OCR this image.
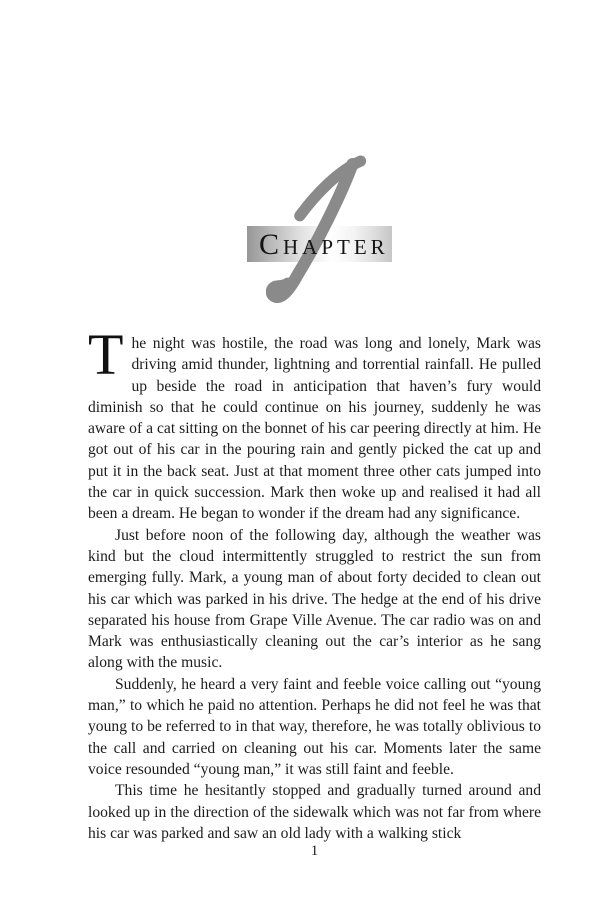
Chapter

The night was hostile, the road was long and lonely, Mark was driving amid thunder, lightning and torrential rainfall. He pulled up beside the road in anticipation that haven’s fury would diminish so that he could continue on his journey, suddenly he was aware of a cat sitting on the bonnet of his car peering directly at him. He got out of his car in the pouring rain and gently picked the cat up and put it in the back seat. Just at that moment three other cats jumped into the car in quick succession. Mark then woke up and realised it had all been a dream. He began to wonder if the dream had any significance.

Just before noon of the following day, although the weather was kind but the cloud intermittently struggled to restrict the sun from emerging fully. Mark, a young man of about forty decided to clean out his car which was parked in his drive. The hedge at the end of his drive separated his house from Grape Ville Avenue. The car radio was on and Mark was enthusiastically cleaning out the car’s interior as he sang along with the music.

Suddenly, he heard a very faint and feeble voice calling out “young man,” to which he paid no attention. Perhaps he did not feel he was that young to be referred to in that way, therefore, he was totally oblivious to the call and carried on cleaning out his car. Moments later the same voice resounded “young man,” it was still faint and feeble.

This time he hesitantly stopped and gradually turned around and looked up in the direction of the sidewalk which was not far from where his car was parked and saw an old lady with a walking stick

1
